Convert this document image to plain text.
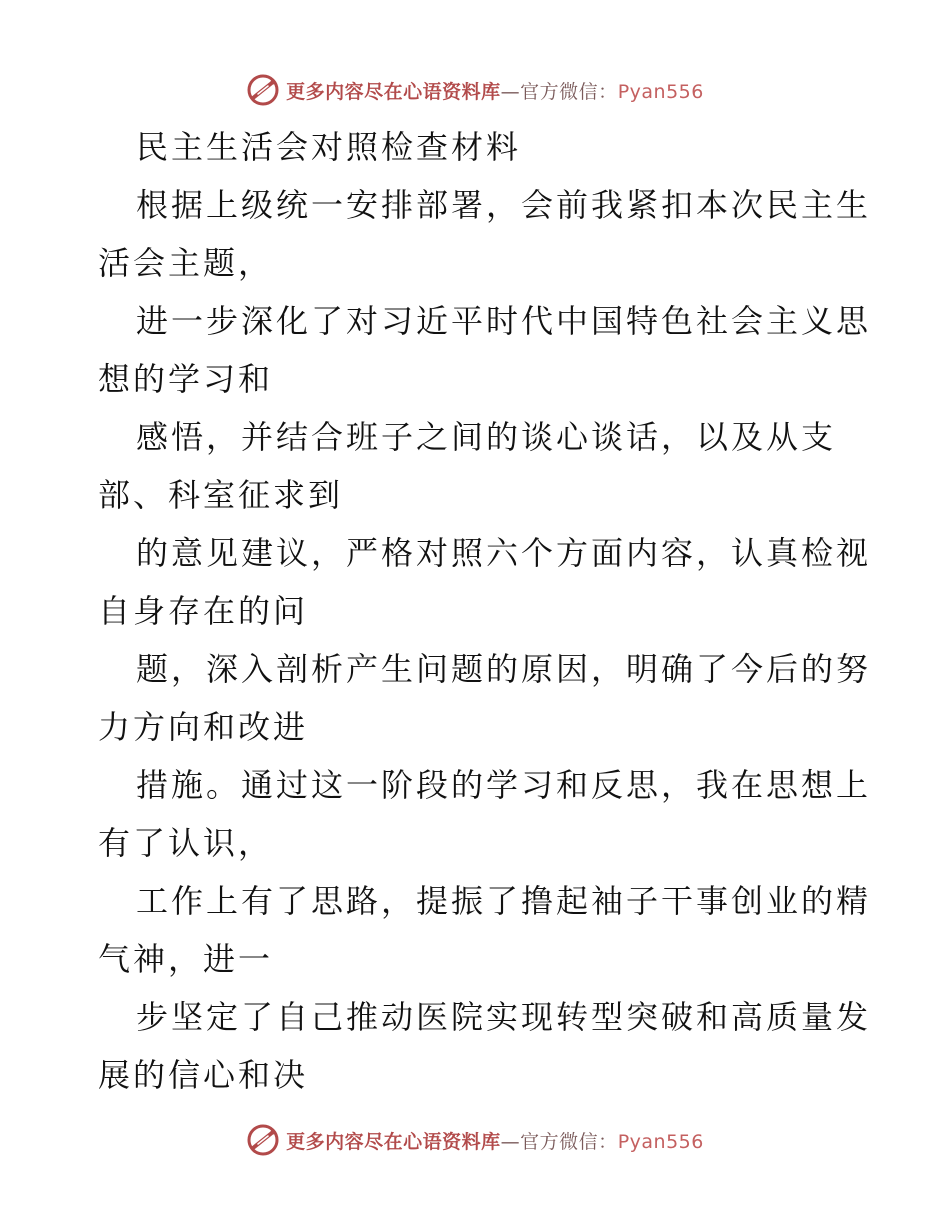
更多内容尽在心语资料库—官方微信：Pyan556
民主生活会对照检查材料
根据上级统一安排部署，会前我紧扣本次民主生
活会主题，
进一步深化了对习近平时代中国特色社会主义思
想的学习和
感悟，并结合班子之间的谈心谈话，以及从支
部、科室征求到
的意见建议，严格对照六个方面内容，认真检视
自身存在的问
题，深入剖析产生问题的原因，明确了今后的努
力方向和改进
措施。通过这一阶段的学习和反思，我在思想上
有了认识，
工作上有了思路，提振了撸起袖子干事创业的精
气神，进一
步坚定了自己推动医院实现转型突破和高质量发
展的信心和决
更多内容尽在心语资料库—官方微信：Pyan556
